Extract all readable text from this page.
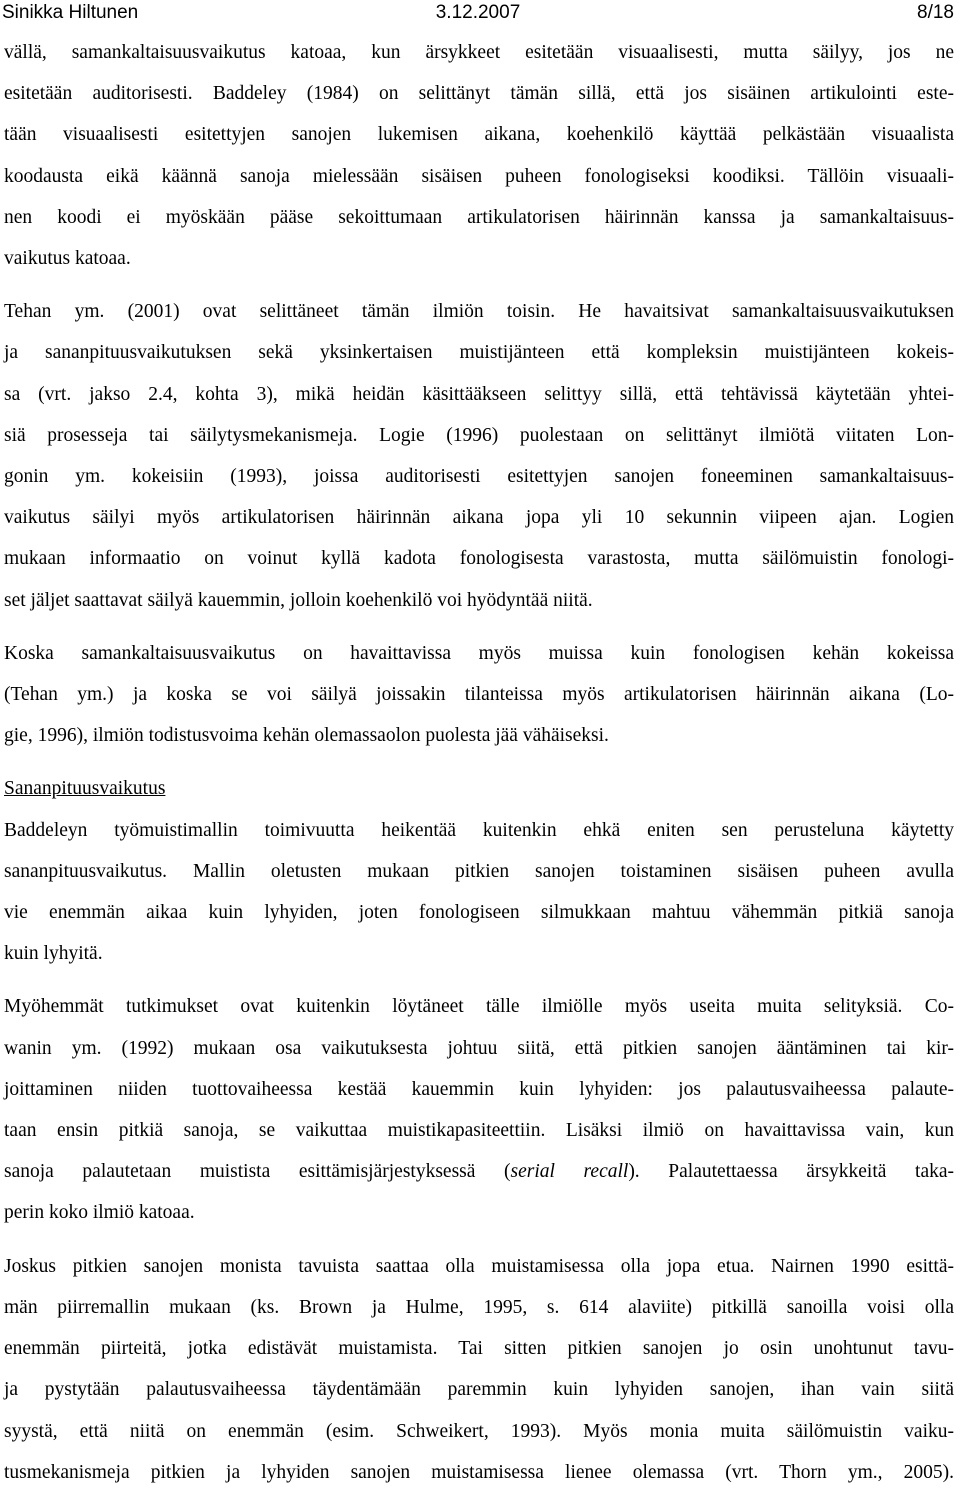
Sinikka Hiltunen	3.12.2007	8/18
vällä, samankaltaisuusvaikutus katoaa, kun ärsykkeet esitetään visuaalisesti, mutta säilyy, jos ne
esitetään auditorisesti. Baddeley (1984) on selittänyt tämän sillä, että jos sisäinen artikulointi este-
tään visuaalisesti esitettyjen sanojen lukemisen aikana, koehenkilö käyttää pelkästään visuaalista
koodausta eikä käännä sanoja mielessään sisäisen puheen fonologiseksi koodiksi. Tällöin visuaali-
nen koodi ei myöskään pääse sekoittumaan artikulatorisen häirinnän kanssa ja samankaltaisuus-
vaikutus katoaa.
Tehan ym. (2001) ovat selittäneet tämän ilmiön toisin. He havaitsivat samankaltaisuusvaikutuksen
ja sananpituusvaikutuksen sekä yksinkertaisen muistijänteen että kompleksin muistijänteen kokeis-
sa (vrt. jakso 2.4, kohta 3), mikä heidän käsittääkseen selittyy sillä, että tehtävissä käytetään yhtei-
siä prosesseja tai säilytysmekanismeja. Logie (1996) puolestaan on selittänyt ilmiötä viitaten Lon-
gonin ym. kokeisiin (1993), joissa auditorisesti esitettyjen sanojen foneeminen samankaltaisuus-
vaikutus säilyi myös artikulatorisen häirinnän aikana jopa yli 10 sekunnin viipeen ajan. Logien
mukaan informaatio on voinut kyllä kadota fonologisesta varastosta, mutta säilömuistin fonologi-
set jäljet saattavat säilyä kauemmin, jolloin koehenkilö voi hyödyntää niitä.
Koska samankaltaisuusvaikutus on havaittavissa myös muissa kuin fonologisen kehän kokeissa
(Tehan ym.) ja koska se voi säilyä joissakin tilanteissa myös artikulatorisen häirinnän aikana (Lo-
gie, 1996), ilmiön todistusvoima kehän olemassaolon puolesta jää vähäiseksi.
Sananpituusvaikutus
Baddeleyn työmuistimallin toimivuutta heikentää kuitenkin ehkä eniten sen perusteluna käytetty
sananpituusvaikutus. Mallin oletusten mukaan pitkien sanojen toistaminen sisäisen puheen avulla
vie enemmän aikaa kuin lyhyiden, joten fonologiseen silmukkaan mahtuu vähemmän pitkiä sanoja
kuin lyhyitä.
Myöhemmät tutkimukset ovat kuitenkin löytäneet tälle ilmiölle myös useita muita selityksiä. Co-
wanin ym. (1992) mukaan osa vaikutuksesta johtuu siitä, että pitkien sanojen ääntäminen tai kir-
joittaminen niiden tuottovaiheessa kestää kauemmin kuin lyhyiden: jos palautusvaiheessa palaute-
taan ensin pitkiä sanoja, se vaikuttaa muistikapasiteettiin. Lisäksi ilmiö on havaittavissa vain, kun
sanoja palautetaan muistista esittämisjärjestyksessä (serial recall). Palautettaessa ärsykkeitä taka-
perin koko ilmiö katoaa.
Joskus pitkien sanojen monista tavuista saattaa olla muistamisessa olla jopa etua. Nairnen 1990 esittä-
män piirremallin mukaan (ks. Brown ja Hulme, 1995, s. 614 alaviite) pitkillä sanoilla voisi olla
enemmän piirteitä, jotka edistävät muistamista. Tai sitten pitkien sanojen jo osin unohtunut tavu-
ja pystytään palautusvaiheessa täydentämään paremmin kuin lyhyiden sanojen, ihan vain siitä
syystä, että niitä on enemmän (esim. Schweikert, 1993). Myös monia muita säilömuistin vaiku-
tusmekanismeja pitkien ja lyhyiden sanojen muistamisessa lienee olemassa (vrt. Thorn ym., 2005).
